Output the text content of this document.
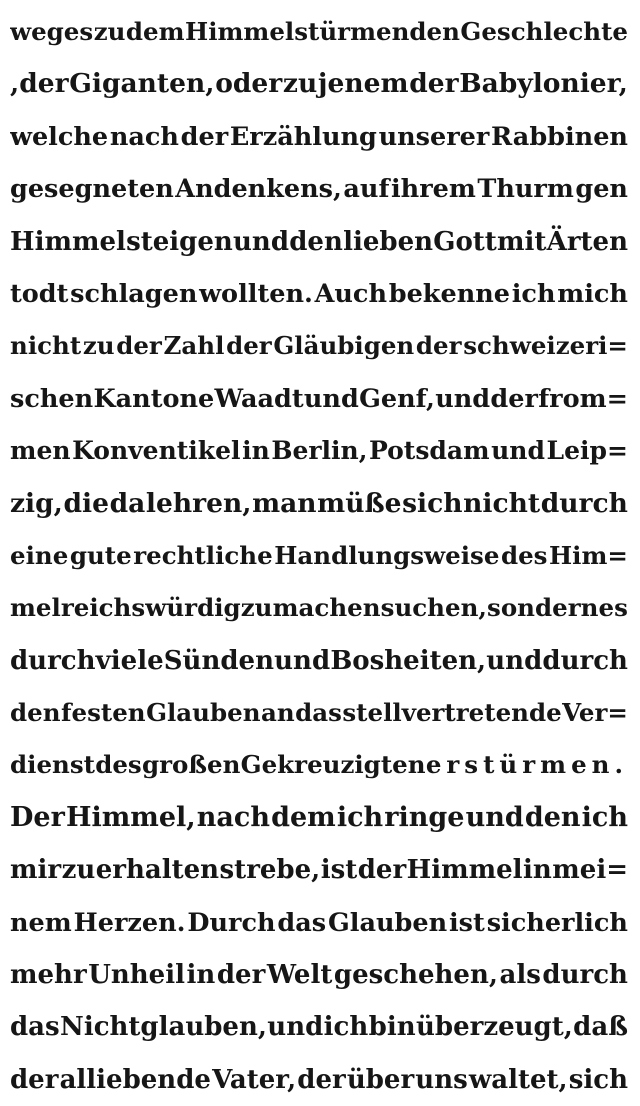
weges zu dem Himmelstürmenden Geschlechte
,der Giganten, oder zu jenem der Babylonier,
welche nach der Erzählung unserer Rabbinen
gesegneten Andenkens, auf ihrem Thurm gen
Himmel steigen und den lieben Gott mit Ärten
todt schlagen wollten. Auch bekenne ich mich
nicht zu der Zahl der Gläubigen der schweizeri=
schen Kantone Waadt und Genf, und der from=
men Konventikel in Berlin, Potsdam und Leip=
zig, die da lehren, man müße sich nicht durch
eine gute rechtliche Handlungsweise des Him=
melreichs würdig zu machen suchen, sondern es
durch viele Sünden und Bosheiten, und durch
den festen Glauben an das stellvertretende Ver=
dienst des großen Gekreuzigten erstürmen.
Der Himmel, nach dem ich ringe und den ich
mir zu erhalten strebe, ist der Himmel in mei=
nem Herzen. Durch das Glauben ist sicherlich
mehr Unheil in der Welt geschehen, als durch
das Nichtglauben, und ich bin überzeugt, daß
der alliebende Vater, der über uns waltet, sich
